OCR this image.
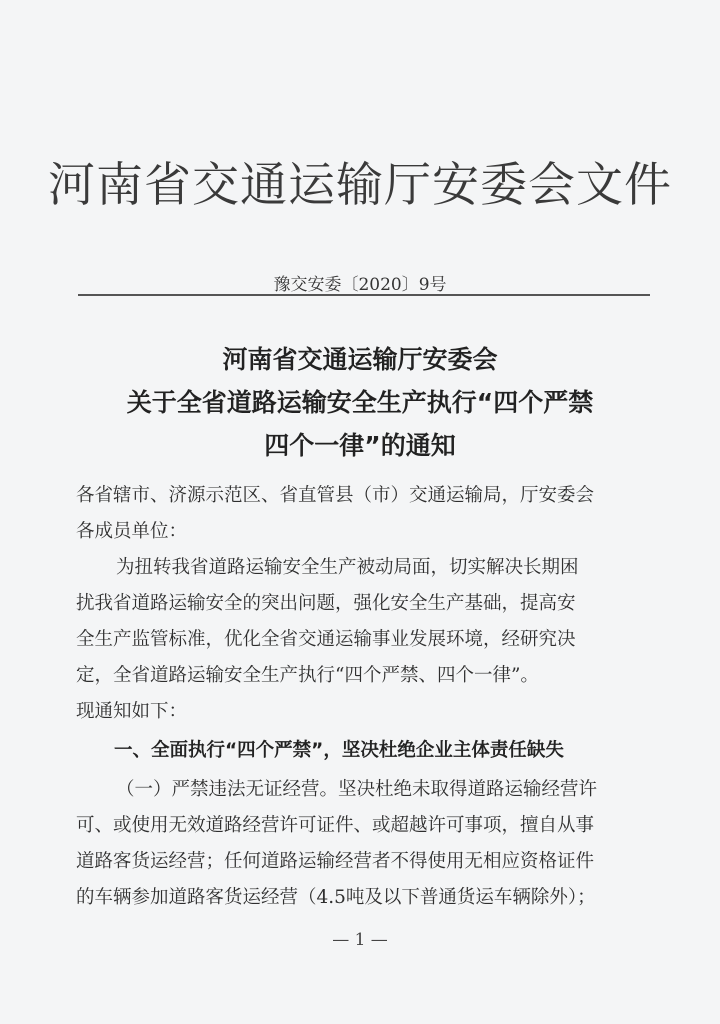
河南省交通运输厅安委会文件
豫交安委〔2020〕9号
河南省交通运输厅安委会
关于全省道路运输安全生产执行“四个严禁
四个一律”的通知
各省辖市、济源示范区、省直管县（市）交通运输局，厅安委会
各成员单位：
为扭转我省道路运输安全生产被动局面，切实解决长期困
扰我省道路运输安全的突出问题，强化安全生产基础，提高安
全生产监管标准，优化全省交通运输事业发展环境，经研究决
定，全省道路运输安全生产执行“四个严禁、四个一律”。
现通知如下：
一、全面执行“四个严禁”，坚决杜绝企业主体责任缺失
（一）严禁违法无证经营。坚决杜绝未取得道路运输经营许
可、或使用无效道路经营许可证件、或超越许可事项，擅自从事
道路客货运经营；任何道路运输经营者不得使用无相应资格证件
的车辆参加道路客货运经营（4.5吨及以下普通货运车辆除外）；
— 1 —
